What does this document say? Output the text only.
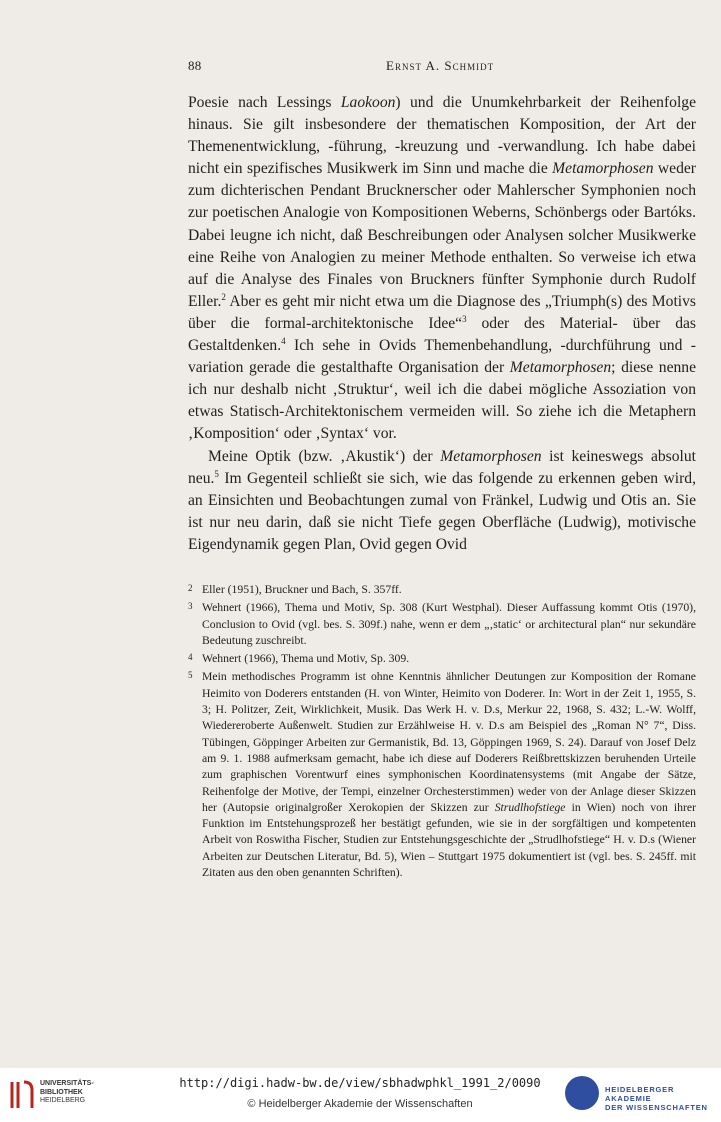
88	Ernst A. Schmidt

Poesie nach Lessings Laokoon) und die Unumkehrbarkeit der Reihenfolge hinaus. Sie gilt insbesondere der thematischen Komposition, der Art der Themenentwicklung, -führung, -kreuzung und -verwandlung. Ich habe dabei nicht ein spezifisches Musikwerk im Sinn und mache die Metamorphosen weder zum dichterischen Pendant Brucknerscher oder Mahlerscher Symphonien noch zur poetischen Analogie von Kompositionen Weberns, Schönbergs oder Bartóks. Dabei leugne ich nicht, daß Beschreibungen oder Analysen solcher Musikwerke eine Reihe von Analogien zu meiner Methode enthalten. So verweise ich etwa auf die Analyse des Finales von Bruckners fünfter Symphonie durch Rudolf Eller.$^2$ Aber es geht mir nicht etwa um die Diagnose des „Triumph(s) des Motivs über die formal-architektonische Idee“$^3$ oder des Material- über das Gestaltdenken.$^4$ Ich sehe in Ovids Themenbehandlung, -durchführung und -variation gerade die gestalthafte Organisation der Metamorphosen; diese nenne ich nur deshalb nicht ‚Struktur‘, weil ich die dabei mögliche Assoziation von etwas Statisch-Architektonischem vermeiden will. So ziehe ich die Metaphern ‚Komposition‘ oder ‚Syntax‘ vor.

Meine Optik (bzw. ‚Akustik‘) der Metamorphosen ist keineswegs absolut neu.$^5$ Im Gegenteil schließt sie sich, wie das folgende zu erkennen geben wird, an Einsichten und Beobachtungen zumal von Fränkel, Ludwig und Otis an. Sie ist nur neu darin, daß sie nicht Tiefe gegen Oberfläche (Ludwig), motivische Eigendynamik gegen Plan, Ovid gegen Ovid

2 Eller (1951), Bruckner und Bach, S. 357ff.
3 Wehnert (1966), Thema und Motiv, Sp. 308 (Kurt Westphal). Dieser Auffassung kommt Otis (1970), Conclusion to Ovid (vgl. bes. S. 309f.) nahe, wenn er dem „‚static‘ or architectural plan“ nur sekundäre Bedeutung zuschreibt.
4 Wehnert (1966), Thema und Motiv, Sp. 309.
5 Mein methodisches Programm ist ohne Kenntnis ähnlicher Deutungen zur Komposition der Romane Heimito von Doderers entstanden (H. von Winter, Heimito von Doderer. In: Wort in der Zeit 1, 1955, S. 3; H. Politzer, Zeit, Wirklichkeit, Musik. Das Werk H. v. D.s, Merkur 22, 1968, S. 432; L.-W. Wolff, Wiedereroberte Außenwelt. Studien zur Erzählweise H. v. D.s am Beispiel des „Roman N° 7“, Diss. Tübingen, Göppinger Arbeiten zur Germanistik, Bd. 13, Göppingen 1969, S. 24). Darauf von Josef Delz am 9. 1. 1988 aufmerksam gemacht, habe ich diese auf Doderers Reißbrettskizzen beruhenden Urteile zum graphischen Vorentwurf eines symphonischen Koordinatensystems (mit Angabe der Sätze, Reihenfolge der Motive, der Tempi, einzelner Orchesterstimmen) weder von der Anlage dieser Skizzen her (Autopsie originalgroßer Xerokopien der Skizzen zur Strudlhofstiege in Wien) noch von ihrer Funktion im Entstehungsprozeß her bestätigt gefunden, wie sie in der sorgfältigen und kompetenten Arbeit von Roswitha Fischer, Studien zur Entstehungsgeschichte der „Strudlhofstiege“ H. v. D.s (Wiener Arbeiten zur Deutschen Literatur, Bd. 5), Wien – Stuttgart 1975 dokumentiert ist (vgl. bes. S. 245ff. mit Zitaten aus den oben genannten Schriften).
UNIVERSITÄTS-
BIBLIOTHEK
HEIDELBERG
http://digi.hadw-bw.de/view/sbhadwphkl_1991_2/0090
© Heidelberger Akademie der Wissenschaften
HEIDELBERGER AKADEMIE
DER WISSENSCHAFTEN
